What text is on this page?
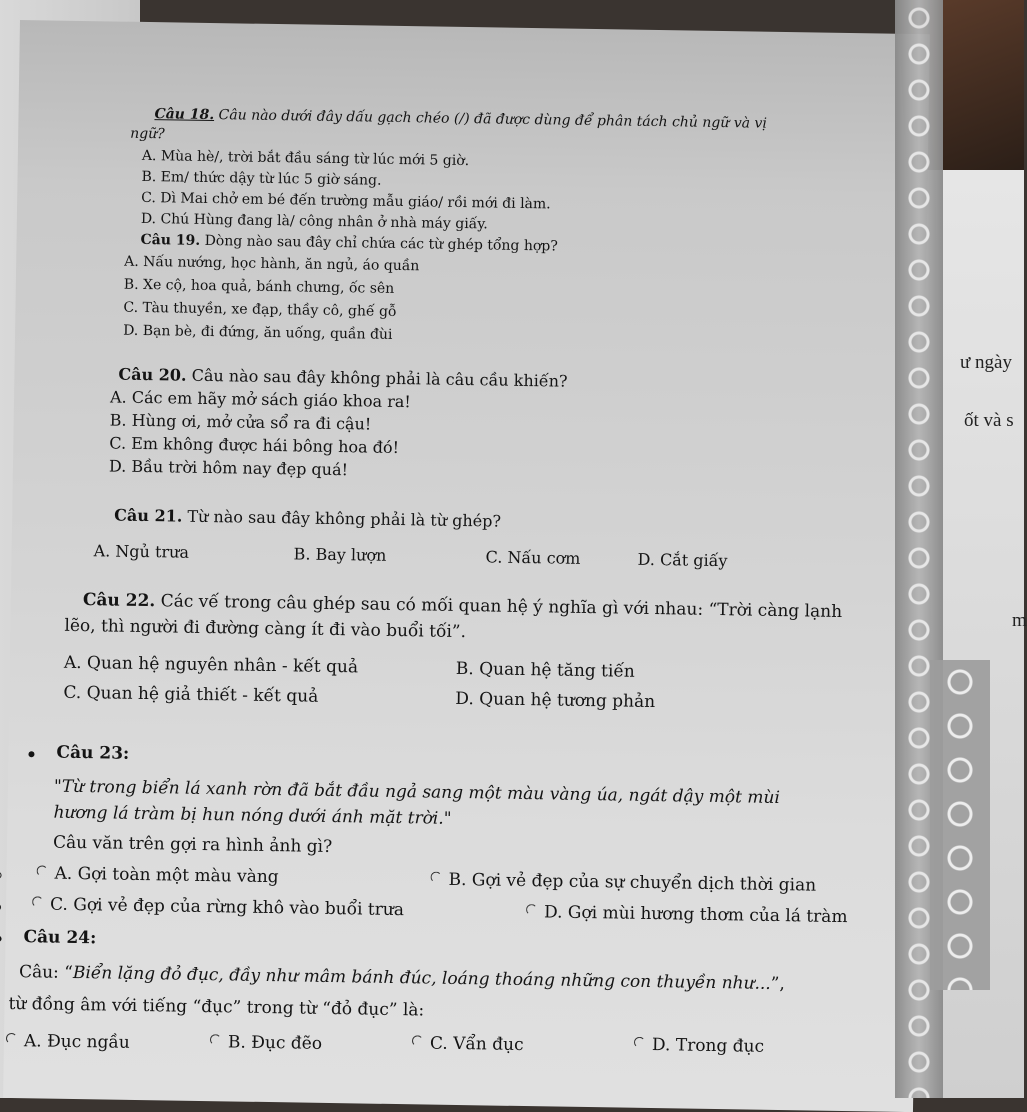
ư ngày
ốt và s
m
Câu 18. Câu nào dưới đây dấu gạch chéo (/) đã được dùng để phân tách chủ ngữ và vị
ngữ?
A. Mùa hè/, trời bắt đầu sáng từ lúc mới 5 giờ.
B. Em/ thức dậy từ lúc 5 giờ sáng.
C. Dì Mai chở em bé đến trường mẫu giáo/ rồi mới đi làm.
D. Chú Hùng đang là/ công nhân ở nhà máy giấy.
Câu 19. Dòng nào sau đây chỉ chứa các từ ghép tổng hợp?
A. Nấu nướng, học hành, ăn ngủ, áo quần
B. Xe cộ, hoa quả, bánh chưng, ốc sên
C. Tàu thuyền, xe đạp, thầy cô, ghế gỗ
D. Bạn bè, đi đứng, ăn uống, quần đùi
Câu 20. Câu nào sau đây không phải là câu cầu khiến?
A. Các em hãy mở sách giáo khoa ra!
B. Hùng ơi, mở cửa sổ ra đi cậu!
C. Em không được hái bông hoa đó!
D. Bầu trời hôm nay đẹp quá!
Câu 21. Từ nào sau đây không phải là từ ghép?
A. Ngủ trưa	B. Bay lượn	C. Nấu cơm	D. Cắt giấy
Câu 22. Các vế trong câu ghép sau có mối quan hệ ý nghĩa gì với nhau: “Trời càng lạnh
lẽo, thì người đi đường càng ít đi vào buổi tối”.
A. Quan hệ nguyên nhân - kết quả	B. Quan hệ tăng tiến
C. Quan hệ giả thiết - kết quả	D. Quan hệ tương phản
Câu 23:
"Từ trong biển lá xanh rờn đã bắt đầu ngả sang một màu vàng úa, ngát dậy một mùi
hương lá tràm bị hun nóng dưới ánh mặt trời."
Câu văn trên gợi ra hình ảnh gì?
A. Gợi toàn một màu vàng	B. Gợi vẻ đẹp của sự chuyển dịch thời gian
C. Gợi vẻ đẹp của rừng khô vào buổi trưa	D. Gợi mùi hương thơm của lá tràm
Câu 24:
Câu: “Biển lặng đỏ đục, đầy như mâm bánh đúc, loáng thoáng những con thuyền như...”,
từ đồng âm với tiếng “đục” trong từ “đỏ đục” là:
A. Đục ngầu	B. Đục đẽo	C. Vẩn đục	D. Trong đục
